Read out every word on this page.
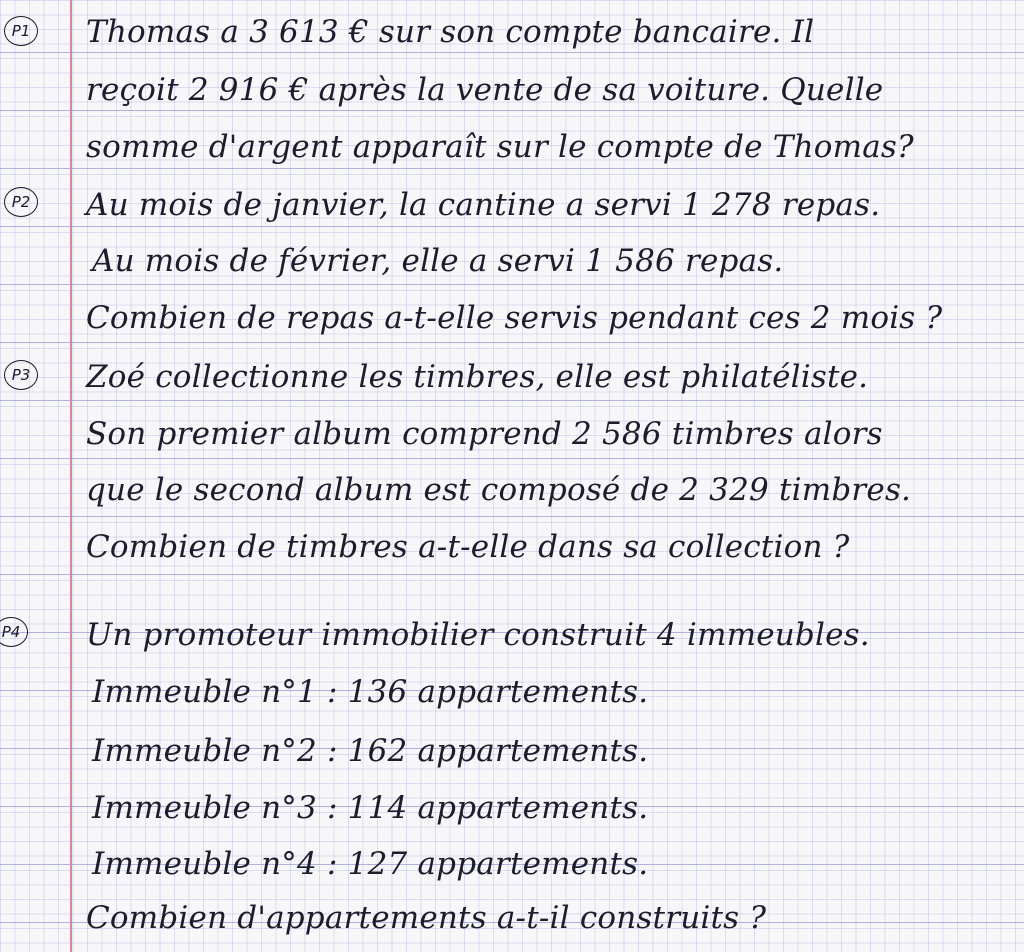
P1 Thomas a 3 613 € sur son compte bancaire. Il
reçoit 2 916 € après la vente de sa voiture. Quelle
somme d'argent apparaît sur le compte de Thomas?
P2 Au mois de janvier, la cantine a servi 1 278 repas.
Au mois de février, elle a servi 1 586 repas.
Combien de repas a-t-elle servis pendant ces 2 mois ?
P3 Zoé collectionne les timbres, elle est philatéliste.
Son premier album comprend 2 586 timbres alors
que le second album est composé de 2 329 timbres.
Combien de timbres a-t-elle dans sa collection ?
P4 Un promoteur immobilier construit 4 immeubles.
Immeuble n°1 : 136 appartements.
Immeuble n°2 : 162 appartements.
Immeuble n°3 : 114 appartements.
Immeuble n°4 : 127 appartements.
Combien d'appartements a-t-il construits ?
